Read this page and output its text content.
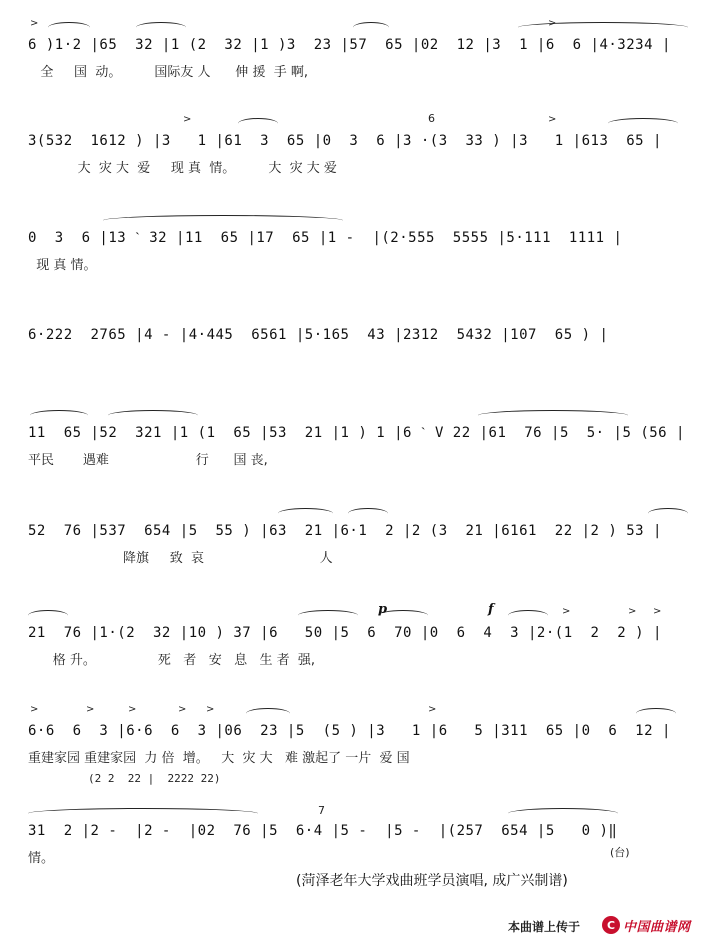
>	>
6 )1·2 |65  32 |1 (2  32 |1 )3  23 |57  65 |02  12 |3  1 |6  6 |4·3234 |
全     国  动。        国际友 人      伸 援  手 啊,
>	>
6
3(532  1612 ) |3   1 |61  3  65 |0  3  6 |3 ·(3  33 ) |3   1 |613  65 |
大  灾 大  爱     现 真  情。        大  灾 大 爱
0  3  6 |13 ˋ 32 |11  65 |17  65 |1 -  |(2·555  5555 |5·111  1111 |
现 真 情。
6·222  2765 |4 - |4·445  6561 |5·165  43 |2312  5432 |107  65 ) |
11  65 |52  321 |1 (1  65 |53  21 |1 ) 1 |6 ˋ V 22 |61  76 |5  5· |5 (56 |
平民       遇难                     行      国 丧,
52  76 |537  654 |5  55 ) |63  21 |6·1  2 |2 (3  21 |6161  22 |2 ) 53 |
降旗     致  哀                            人
p	f	>	> >
21  76 |1·(2  32 |10 ) 37 |6   50 |5  6  70 |0  6  4  3 |2·(1  2  2 ) |
格 升。               死   者   安   息   生 者  强,
>	>	>	> >	>
6·6  6  3 |6·6  6  3 |06  23 |5  (5 ) |3   1 |6   5 |311  65 |0  6  12 |
重建家园 重建家园  力 倍  增。   大  灾 大   难 激起了 一片  爱 国
(2 2  22 |  2222 22)
7
31  2 |2 -  |2 -  |02  76 |5  6·4 |5 -  |5 -  |(257  654 |5   0 )‖
情。	(台)
(菏泽老年大学戏曲班学员演唱, 成广兴制谱)
本曲谱上传于	C 中国曲谱网
